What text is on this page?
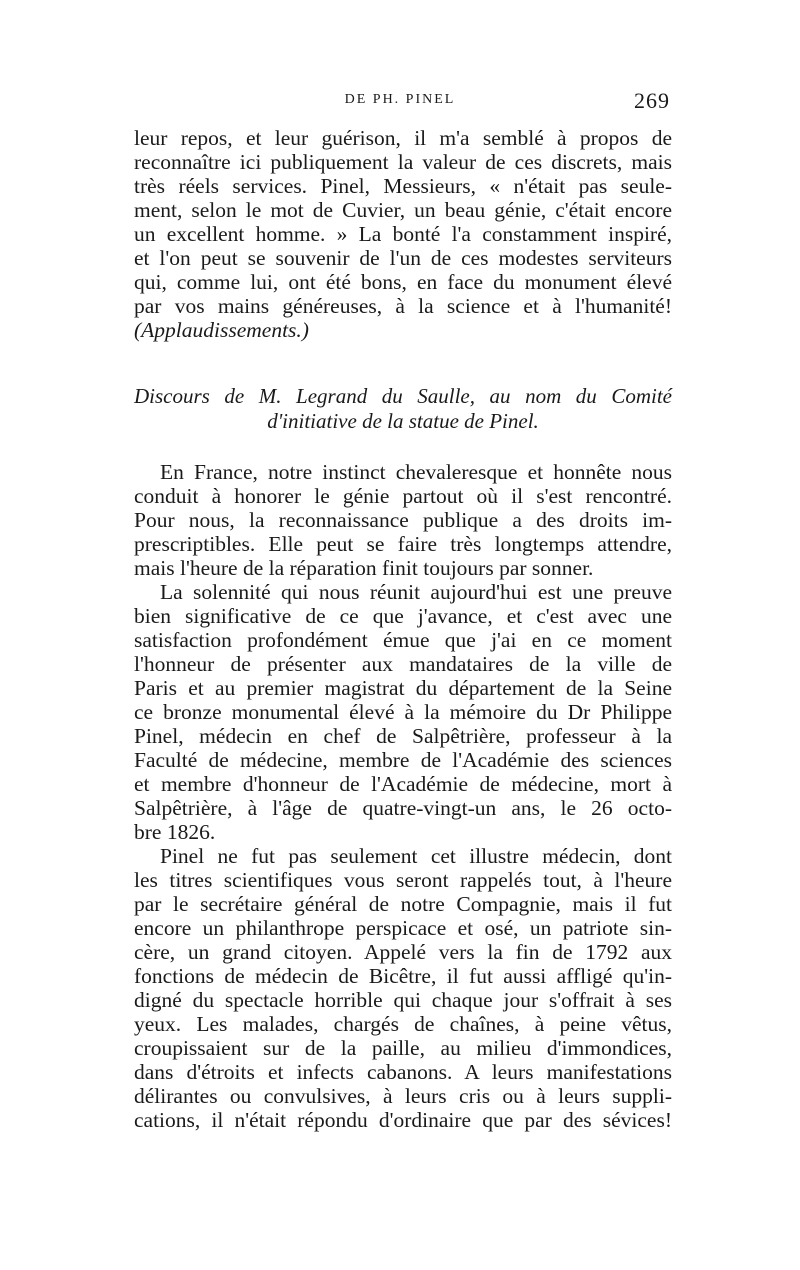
DE PH. PINEL	269
leur repos, et leur guérison, il m'a semblé à propos de
reconnaître ici publiquement la valeur de ces discrets, mais
très réels services. Pinel, Messieurs, « n'était pas seule-
ment, selon le mot de Cuvier, un beau génie, c'était encore
un excellent homme. » La bonté l'a constamment inspiré,
et l'on peut se souvenir de l'un de ces modestes serviteurs
qui, comme lui, ont été bons, en face du monument élevé
par vos mains généreuses, à la science et à l'humanité!
(Applaudissements.)
Discours de M. Legrand du Saulle, au nom du Comité
d'initiative de la statue de Pinel.
En France, notre instinct chevaleresque et honnête nous
conduit à honorer le génie partout où il s'est rencontré.
Pour nous, la reconnaissance publique a des droits im-
prescriptibles. Elle peut se faire très longtemps attendre,
mais l'heure de la réparation finit toujours par sonner.
La solennité qui nous réunit aujourd'hui est une preuve
bien significative de ce que j'avance, et c'est avec une
satisfaction profondément émue que j'ai en ce moment
l'honneur de présenter aux mandataires de la ville de
Paris et au premier magistrat du département de la Seine
ce bronze monumental élevé à la mémoire du Dr Philippe
Pinel, médecin en chef de Salpêtrière, professeur à la
Faculté de médecine, membre de l'Académie des sciences
et membre d'honneur de l'Académie de médecine, mort à
Salpêtrière, à l'âge de quatre-vingt-un ans, le 26 octo-
bre 1826.
Pinel ne fut pas seulement cet illustre médecin, dont
les titres scientifiques vous seront rappelés tout, à l'heure
par le secrétaire général de notre Compagnie, mais il fut
encore un philanthrope perspicace et osé, un patriote sin-
cère, un grand citoyen. Appelé vers la fin de 1792 aux
fonctions de médecin de Bicêtre, il fut aussi affligé qu'in-
digné du spectacle horrible qui chaque jour s'offrait à ses
yeux. Les malades, chargés de chaînes, à peine vêtus,
croupissaient sur de la paille, au milieu d'immondices,
dans d'étroits et infects cabanons. A leurs manifestations
délirantes ou convulsives, à leurs cris ou à leurs suppli-
cations, il n'était répondu d'ordinaire que par des sévices!
